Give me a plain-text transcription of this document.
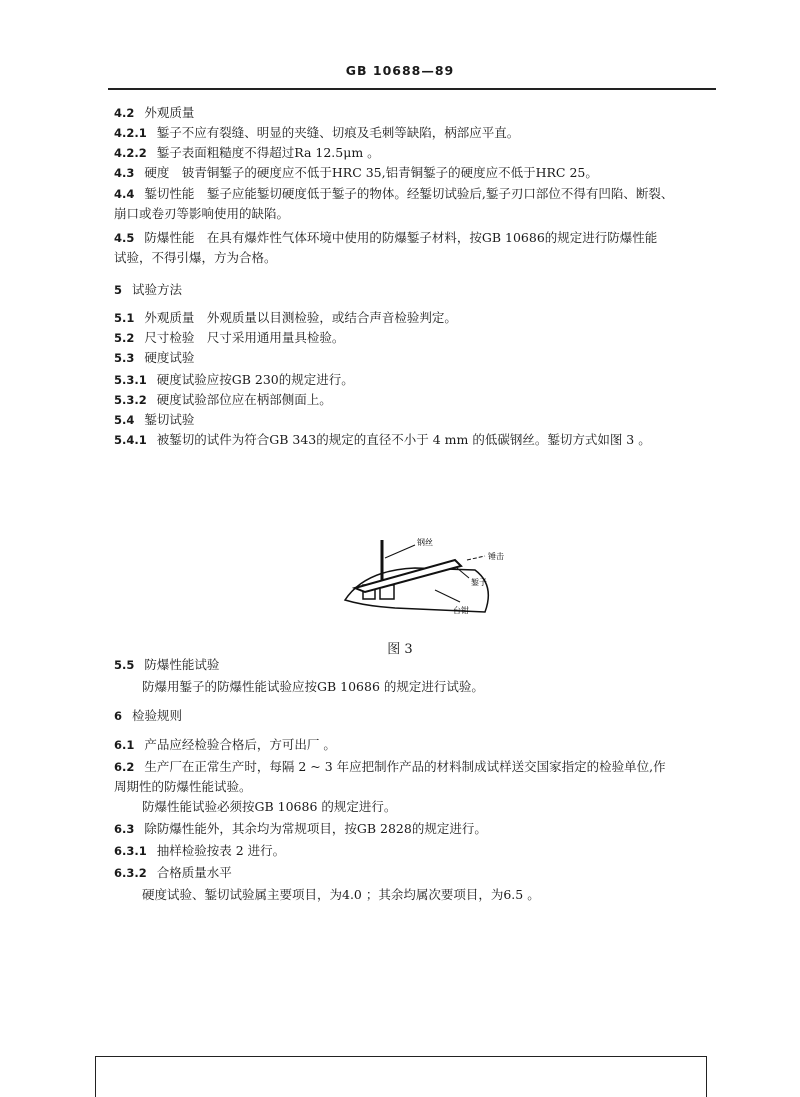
GB 10688—89
4.2 外观质量
4.2.1 錾子不应有裂缝、明显的夹缝、切痕及毛刺等缺陷，柄部应平直。
4.2.2 錾子表面粗糙度不得超过Ra 12.5μm 。
4.3 硬度　铍青铜錾子的硬度应不低于HRC 35,铝青铜錾子的硬度应不低于HRC 25。
4.4 錾切性能　錾子应能錾切硬度低于錾子的物体。经錾切试验后,錾子刃口部位不得有凹陷、断裂、
崩口或卷刃等影响使用的缺陷。
4.5 防爆性能　在具有爆炸性气体环境中使用的防爆錾子材料，按GB 10686的规定进行防爆性能
试验，不得引爆，方为合格。
5 试验方法
5.1 外观质量　外观质量以目测检验，或结合声音检验判定。
5.2 尺寸检验　尺寸采用通用量具检验。
5.3 硬度试验
5.3.1 硬度试验应按GB 230的规定进行。
5.3.2 硬度试验部位应在柄部侧面上。
5.4 錾切试验
5.4.1 被錾切的试件为符合GB 343的规定的直径不小于 4 mm 的低碳钢丝。錾切方式如图 3 。
5.5 防爆性能试验
防爆用錾子的防爆性能试验应按GB 10686 的规定进行试验。
6 检验规则
6.1 产品应经检验合格后，方可出厂 。
6.2 生产厂在正常生产时，每隔 2 ~ 3 年应把制作产品的材料制成试样送交国家指定的检验单位,作
周期性的防爆性能试验。
防爆性能试验必须按GB 10686 的规定进行。
6.3 除防爆性能外，其余均为常规项目，按GB 2828的规定进行。
6.3.1 抽样检验按表 2 进行。
6.3.2 合格质量水平
硬度试验、錾切试验属主要项目，为4.0 ；其余均属次要项目，为6.5 。
钢丝
锤击
錾子
台钳
图 3
